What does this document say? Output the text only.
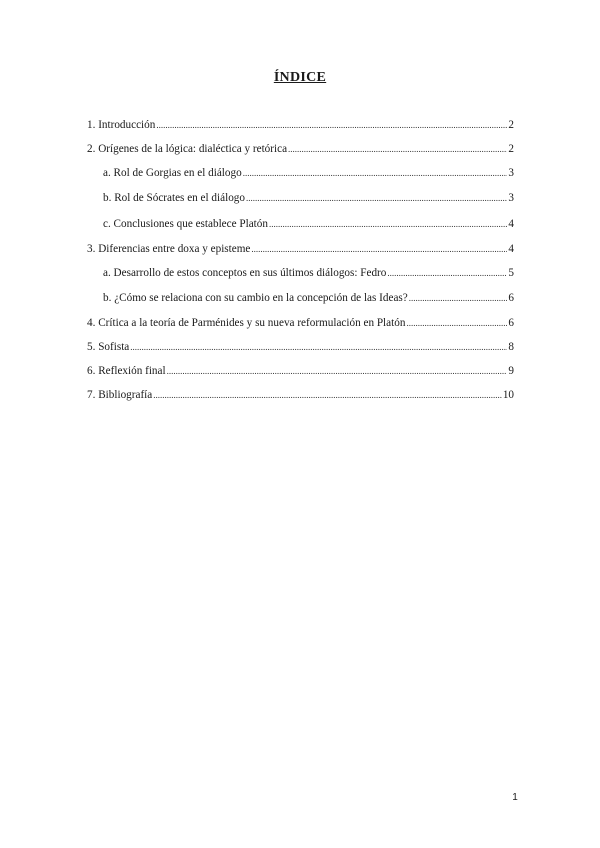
ÍNDICE
1. Introducción .....	2
2. Orígenes de la lógica: dialéctica y retórica .....	2
a. Rol de Gorgias en el diálogo .....	3
b. Rol de Sócrates en el diálogo .....	3
c. Conclusiones que establece Platón .....	4
3. Diferencias entre doxa y episteme .....	4
a. Desarrollo de estos conceptos en sus últimos diálogos: Fedro .....	5
b. ¿Cómo se relaciona con su cambio en la concepción de las Ideas? .....	6
4. Crítica a la teoría de Parménides y su nueva reformulación en Platón .....	6
5. Sofista .....	8
6. Reflexión final .....	9
7. Bibliografía .....	10
1
